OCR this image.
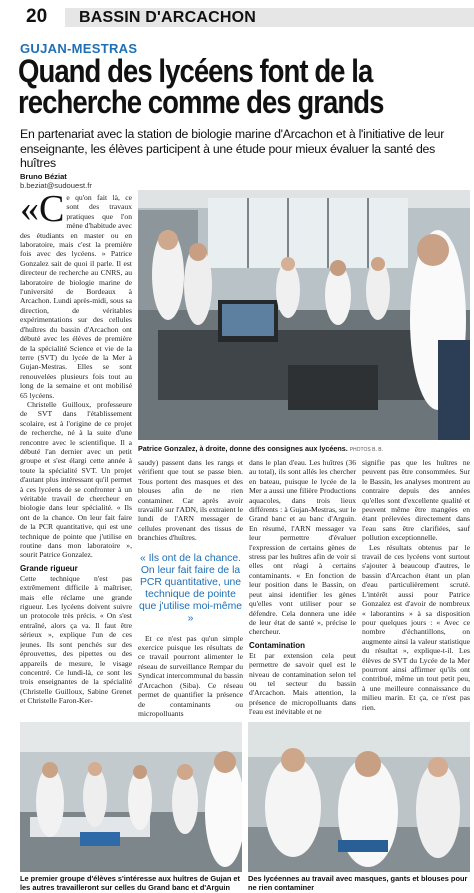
20 BASSIN D'ARCACHON
GUJAN-MESTRAS
Quand des lycéens font de la
recherche comme des grands
En partenariat avec la station de biologie marine d'Arcachon et à l'initiative de leur enseignante, les élèves participent à une étude pour mieux évaluer la santé des huîtres
Bruno Béziat
b.beziat@sudouest.fr

«Ce qu'on fait là, ce sont des travaux pratiques que l'on mène d'habitude avec des étudiants en master ou en laboratoire, mais c'est la première fois avec des lycéens. » Patrice Gonzalez sait de quoi il parle. Il est directeur de recherche au CNRS, au laboratoire de biologie marine de l'université de Bordeaux à Arcachon. Lundi après-midi, sous sa direction, de véritables expérimentations sur des cellules d'huîtres du bassin d'Arcachon ont débuté avec les élèves de première de la spécialité Science et vie de la terre (SVT) du lycée de la Mer à Gujan-Mestras. Elles se sont renouvelées plusieurs fois tout au long de la semaine et ont mobilisé 65 lycéens.

Christelle Guilloux, professeure de SVT dans l'établissement scolaire, est à l'origine de ce projet de recherche, né à la suite d'une rencontre avec le scientifique. Il a débuté l'an dernier avec un petit groupe et s'est élargi cette année à toute la spécialité SVT. Un projet d'autant plus intéressant qu'il permet à ces lycéens de se confronter à un véritable travail de chercheur en biologie dans leur spécialité. « Ils ont de la chance. On leur fait faire de la PCR quantitative, qui est une technique de pointe que j'utilise en routine dans mon laboratoire », sourit Patrice Gonzalez.

Grande rigueur

Cette technique n'est pas extrêmement difficile à maîtriser, mais elle réclame une grande rigueur. Les lycéens doivent suivre un protocole très précis. « On s'est entraîné, alors ça va. Il faut être sérieux », explique l'un de ces jeunes. Ils sont penchés sur des éprouvettes, des pipettes ou des appareils de mesure, le visage concentré. Ce lundi-là, ce sont les trois enseignantes de la spécialité (Christelle Guilloux, Sabine Grenet et Christelle Faron-Ker-

Patrice Gonzalez, à droite, donne des consignes aux lycéens. PHOTOS B. B.

saudy) passent dans les rangs et vérifient que tout se passe bien. Tous portent des masques et des blouses afin de ne rien contaminer. Car après avoir travaillé sur l'ADN, ils extraient le lundi de l'ARN messager de cellules provenant des tissus de branchies d'huîtres.

« Ils ont de la chance. On leur fait faire de la PCR quantitative, une technique de pointe que j'utilise moi-même »

Et ce n'est pas qu'un simple exercice puisque les résultats de ce travail pourront alimenter le réseau de surveillance Rempar du Syndicat intercommunal du bassin d'Arcachon (Siba). Ce réseau permet de quantifier la présence de contaminants ou micropolluants

dans le plan d'eau. Les huîtres (36 au total), ils sont allés les chercher en bateau, puisque le lycée de la Mer a aussi une filière Productions aquacoles, dans trois lieux différents : à Gujan-Mestras, sur le Grand banc et au banc d'Arguin. En résumé, l'ARN messager va leur permettre d'évaluer l'expression de certains gènes de stress par les huîtres afin de voir si elles ont réagi à certains contaminants. « En fonction de leur position dans le Bassin, on peut ainsi identifier les gènes qu'elles vont utiliser pour se défendre. Cela donnera une idée de leur état de santé », précise le chercheur.

Contamination

Et par extension cela peut permettre de savoir quel est le niveau de contamination selon tel ou tel secteur du bassin d'Arcachon. Mais attention, la présence de micropolluants dans l'eau est inévitable et ne

signifie pas que les huîtres ne peuvent pas être consommées. Sur le Bassin, les analyses montrent au contraire depuis des années qu'elles sont d'excellente qualité et peuvent même être mangées en étant prélevées directement dans l'eau sans être clarifiées, sauf pollution exceptionnelle.

Les résultats obtenus par le travail de ces lycéens vont surtout s'ajouter à beaucoup d'autres, le bassin d'Arcachon étant un plan d'eau particulièrement scruté. L'intérêt aussi pour Patrice Gonzalez est d'avoir de nombreux « laborantins » à sa disposition pour quelques jours : « Avec ce nombre d'échantillons, on augmente ainsi la valeur statistique du résultat », explique-t-il. Les élèves de SVT du Lycée de la Mer pourront ainsi affirmer qu'ils ont contribué, même un tout petit peu, à une meilleure connaissance du milieu marin. Et ça, ce n'est pas rien.

Le premier groupe d'élèves s'intéresse aux huîtres de Gujan et les autres travailleront sur celles du Grand banc et d'Arguin
Des lycéennes au travail avec masques, gants et blouses pour ne rien contaminer
